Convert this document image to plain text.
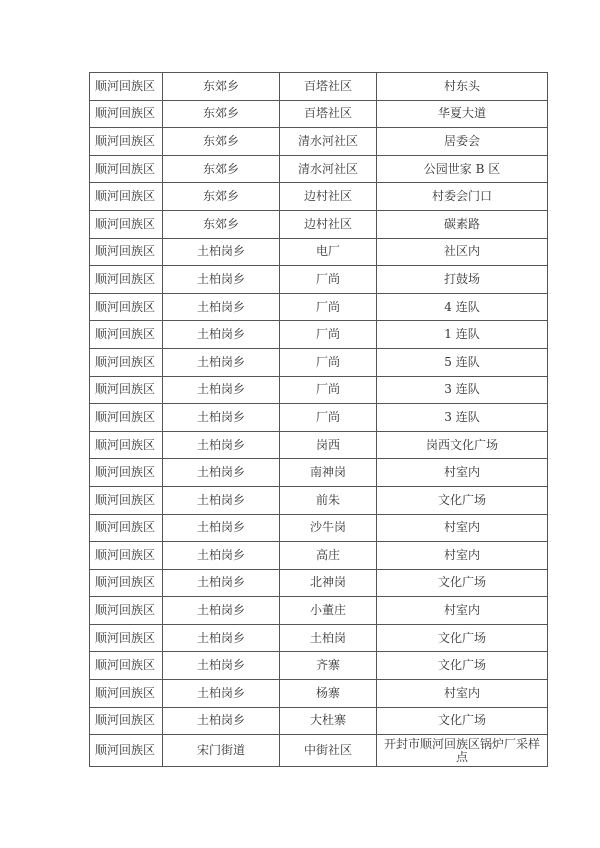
顺河回族区	东郊乡	百塔社区	村东头
顺河回族区	东郊乡	百塔社区	华夏大道
顺河回族区	东郊乡	清水河社区	居委会
顺河回族区	东郊乡	清水河社区	公园世家 B 区
顺河回族区	东郊乡	边村社区	村委会门口
顺河回族区	东郊乡	边村社区	碳素路
顺河回族区	土柏岗乡	电厂	社区内
顺河回族区	土柏岗乡	厂尚	打鼓场
顺河回族区	土柏岗乡	厂尚	4 连队
顺河回族区	土柏岗乡	厂尚	1 连队
顺河回族区	土柏岗乡	厂尚	5 连队
顺河回族区	土柏岗乡	厂尚	3 连队
顺河回族区	土柏岗乡	厂尚	3 连队
顺河回族区	土柏岗乡	岗西	岗西文化广场
顺河回族区	土柏岗乡	南神岗	村室内
顺河回族区	土柏岗乡	前朱	文化广场
顺河回族区	土柏岗乡	沙牛岗	村室内
顺河回族区	土柏岗乡	高庄	村室内
顺河回族区	土柏岗乡	北神岗	文化广场
顺河回族区	土柏岗乡	小董庄	村室内
顺河回族区	土柏岗乡	土柏岗	文化广场
顺河回族区	土柏岗乡	齐寨	文化广场
顺河回族区	土柏岗乡	杨寨	村室内
顺河回族区	土柏岗乡	大杜寨	文化广场
顺河回族区	宋门街道	中街社区	开封市顺河回族区锅炉厂采样点
